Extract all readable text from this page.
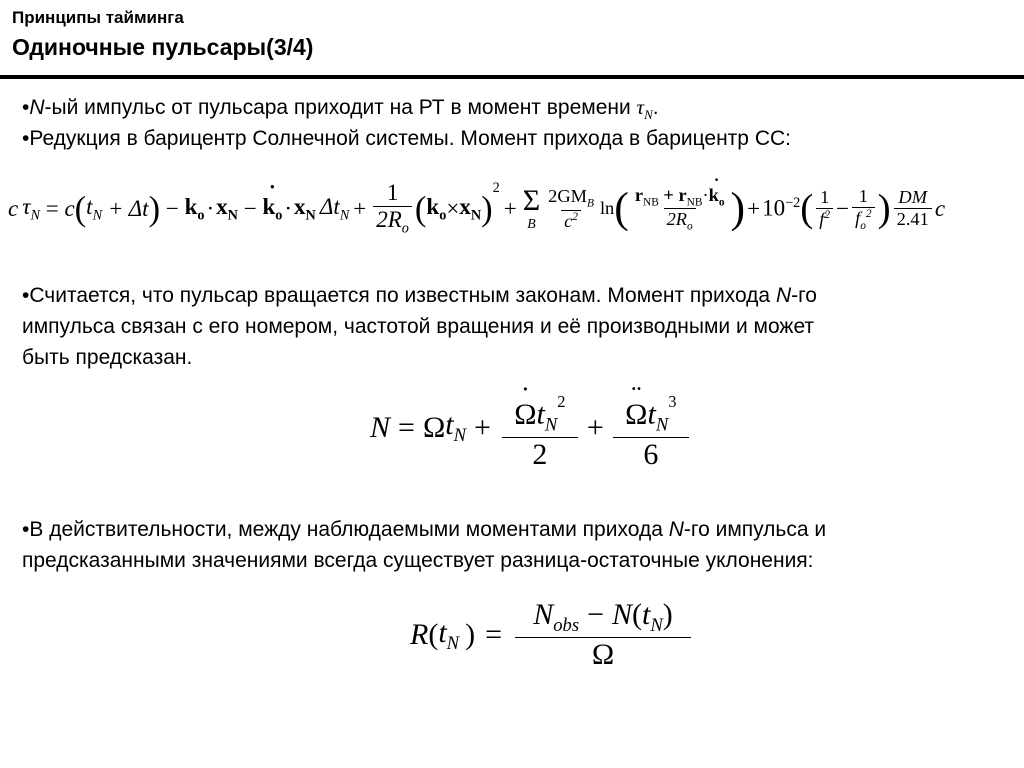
Принципы тайминга
Одиночные пульсары(3/4)
•N-ый импульс от пульсара приходит на РТ в момент времени $\tau_N$.
•Редукция в барицентр Солнечной системы. Момент прихода в барицентр СС:
c $\tau_N = c$ ( $t_N + \Delta t$ ) − $k_o \cdot x_N$ − ˙ $k_o \cdot x_N$ $\Delta t_N + \frac{1}{2R_o}$ ( $k_o \times x_N$ )
$^2$
+ Σ
B $\frac{2GM_B}{c^2}$ ln ( $\frac{r_{NB} + r_{NB}\cdot˙ k_o}{2R_o}$ ) + $10^{-2}$ ( $\frac{1}{f^2} - \frac{1}{f_o^2}$ ) $\frac{DM}{2.41}$ c
•Считается, что пульсар вращается по известным законам. Момент прихода N-го
импульса связан с его номером, частотой вращения и её производными и может
быть предсказан.
N = Ω $t_N$ + ˙ $\frac{\Omega t_N^2}{2}$ + ¨ $\frac{\Omega t_N^3}{6}$
•В действительности, между наблюдаемыми моментами прихода N-го импульса и
предсказанными значениями всегда существует разница-остаточные уклонения:
R ( $t_N$ ) = $\frac{N_{obs} - N(t_N)}{\Omega}$
